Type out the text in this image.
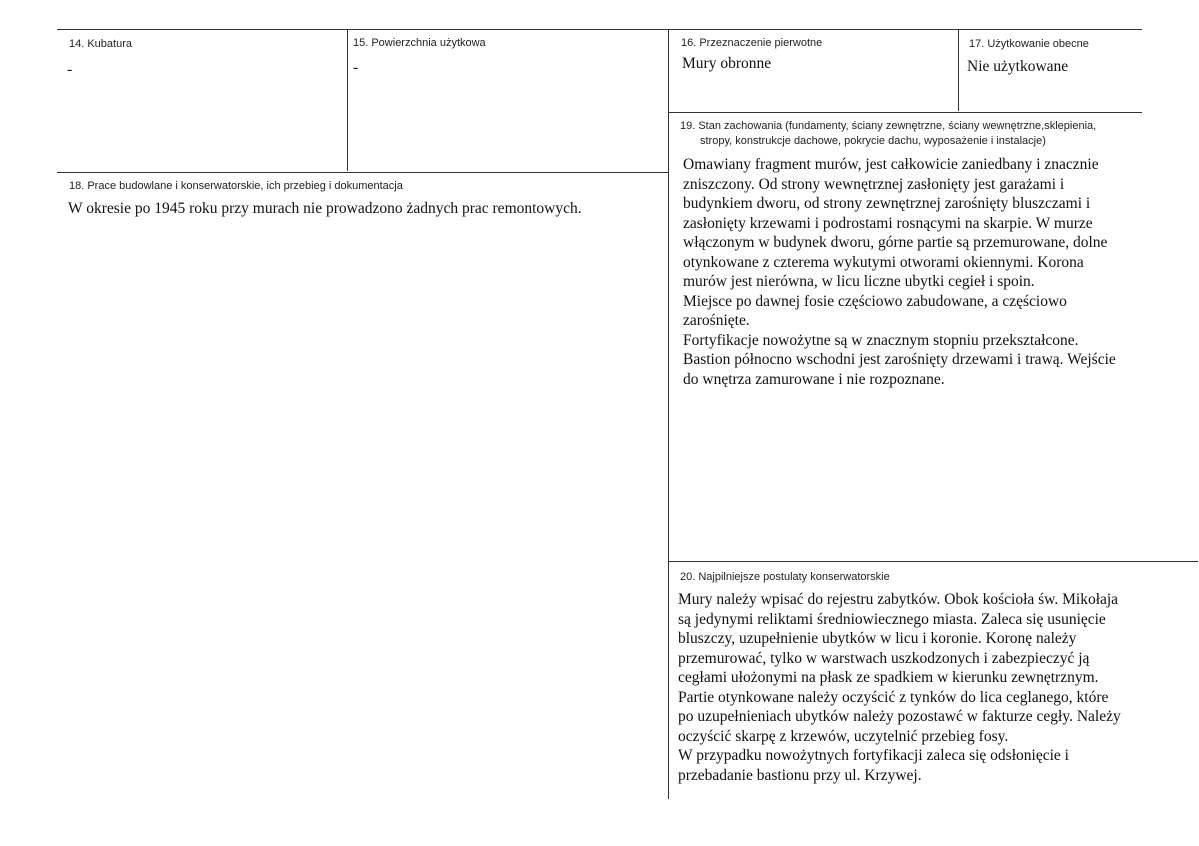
14. Kubatura

-

15. Powierzchnia użytkowa

-

16. Przeznaczenie pierwotne

Mury obronne

17. Użytkowanie obecne

Nie użytkowane

18. Prace budowlane i konserwatorskie, ich przebieg i dokumentacja

W okresie po 1945 roku przy murach nie prowadzono żadnych prac remontowych.

19. Stan zachowania (fundamenty, ściany zewnętrzne, ściany wewnętrzne,sklepienia,

stropy, konstrukcje dachowe, pokrycie dachu, wyposażenie i instalacje)

Omawiany fragment murów, jest całkowicie zaniedbany i znacznie
zniszczony. Od strony wewnętrznej zasłonięty jest garażami i
budynkiem dworu, od strony zewnętrznej zarośnięty bluszczami i
zasłonięty krzewami i podrostami rosnącymi na skarpie. W murze
włączonym w budynek dworu, górne partie są przemurowane, dolne
otynkowane z czterema wykutymi otworami okiennymi. Korona
murów jest nierówna, w licu liczne ubytki cegieł i spoin.
Miejsce po dawnej fosie częściowo zabudowane, a częściowo
zarośnięte.
Fortyfikacje nowożytne są w znacznym stopniu przekształcone.
Bastion północno wschodni jest zarośnięty drzewami i trawą. Wejście
do wnętrza zamurowane i nie rozpoznane.

20. Najpilniejsze postulaty konserwatorskie

Mury należy wpisać do rejestru zabytków. Obok kościoła św. Mikołaja
są jedynymi reliktami średniowiecznego miasta. Zaleca się usunięcie
bluszczy, uzupełnienie ubytków w licu i koronie. Koronę należy
przemurować, tylko w warstwach uszkodzonych i zabezpieczyć ją
cegłami ułożonymi na płask ze spadkiem w kierunku zewnętrznym.
Partie otynkowane należy oczyścić z tynków do lica ceglanego, które
po uzupełnieniach ubytków należy pozostawć w fakturze cegły. Należy
oczyścić skarpę z krzewów, uczytelnić przebieg fosy.
W przypadku nowożytnych fortyfikacji zaleca się odsłonięcie i
przebadanie bastionu przy ul. Krzywej.
